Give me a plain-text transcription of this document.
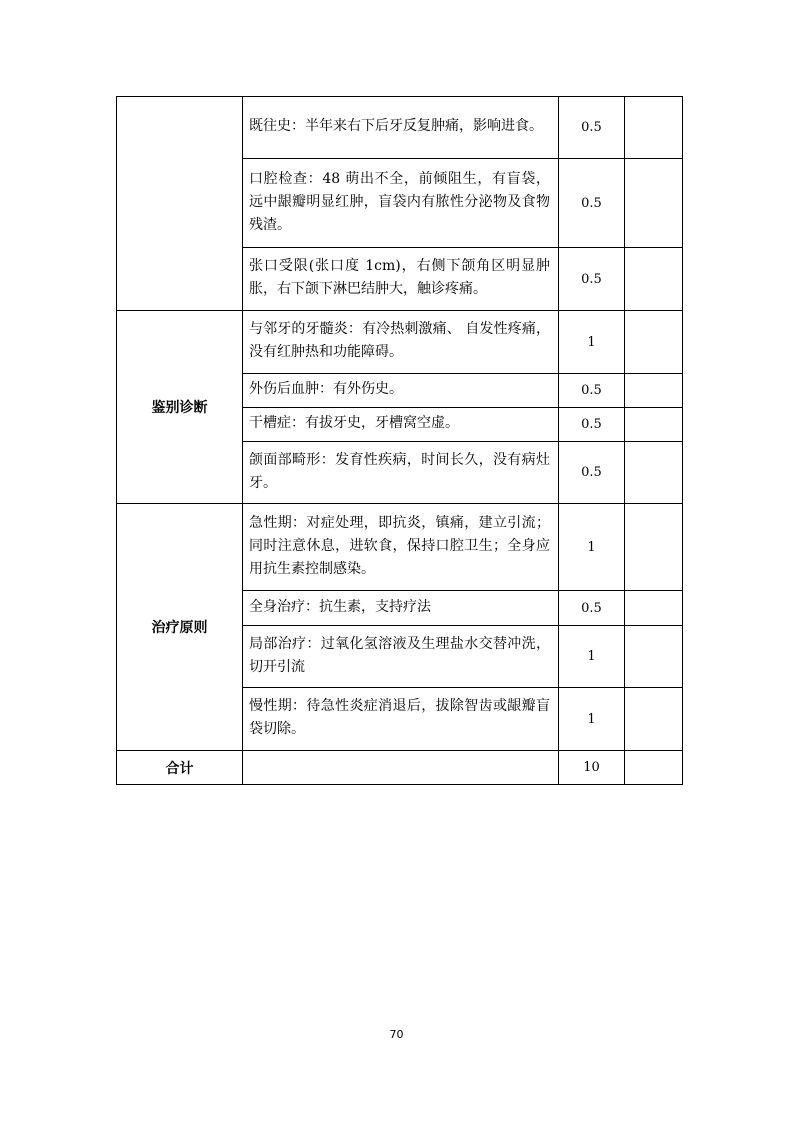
	既往史：半年来右下后牙反复肿痛，影响进食。	0.5	
	口腔检查：48 萌出不全，前倾阻生，有盲袋，远中龈瓣明显红肿，盲袋内有脓性分泌物及食物残渣。	0.5	
	张口受限(张口度 1cm)，右侧下颌角区明显肿胀，右下颌下淋巴结肿大，触诊疼痛。	0.5	
鉴别诊断	与邻牙的牙髓炎：有冷热刺激痛、 自发性疼痛，没有红肿热和功能障碍。	1	
	外伤后血肿：有外伤史。	0.5	
	干槽症：有拔牙史，牙槽窝空虚。	0.5	
	颌面部畸形：发育性疾病，时间长久，没有病灶牙。	0.5	
治疗原则	急性期：对症处理，即抗炎，镇痛，建立引流；同时注意休息，进软食，保持口腔卫生；全身应用抗生素控制感染。	1	
	全身治疗：抗生素，支持疗法	0.5	
	局部治疗：过氧化氢溶液及生理盐水交替冲洗，切开引流	1	
	慢性期：待急性炎症消退后，拔除智齿或龈瓣盲袋切除。	1	
合计		10	
70
